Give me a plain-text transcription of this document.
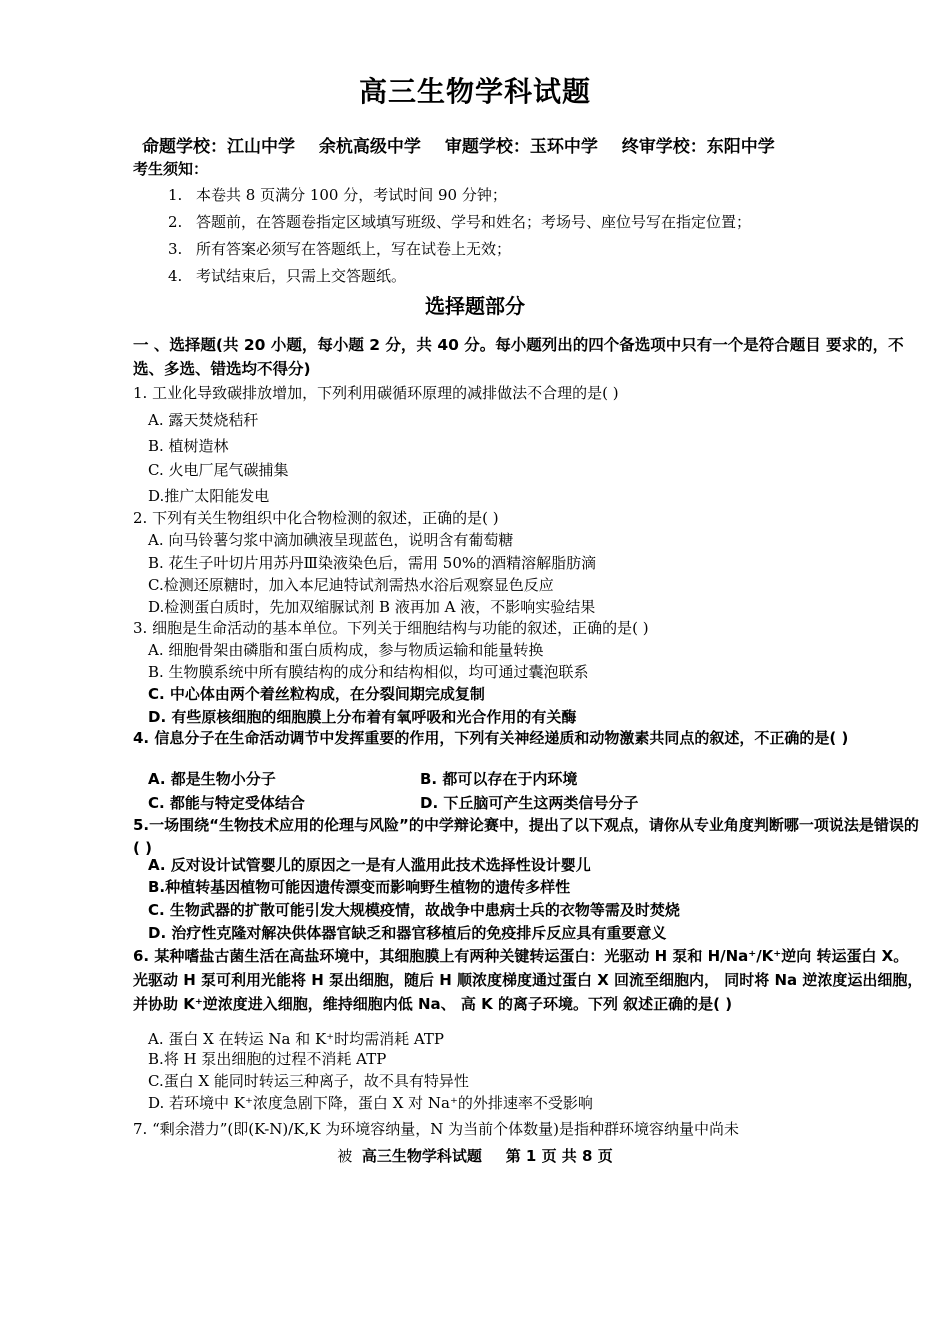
高三生物学科试题
命题学校：江山中学 余杭高级中学 审题学校：玉环中学 终审学校：东阳中学
考生须知：
1. 本卷共 8 页满分 100 分，考试时间 90 分钟；
2. 答题前，在答题卷指定区域填写班级、学号和姓名；考场号、座位号写在指定位置；
3. 所有答案必须写在答题纸上，写在试卷上无效；
4. 考试结束后，只需上交答题纸。
选择题部分
一 、选择题(共 20 小题，每小题 2 分，共 40 分。每小题列出的四个备选项中只有一个是符合题目 要求的，不选、多选、错选均不得分)
1. 工业化导致碳排放增加，下列利用碳循环原理的减排做法不合理的是( )
A. 露天焚烧秸秆
B. 植树造林
C. 火电厂尾气碳捕集
D.推广太阳能发电
2. 下列有关生物组织中化合物检测的叙述，正确的是( )
A. 向马铃薯匀浆中滴加碘液呈现蓝色，说明含有葡萄糖
B. 花生子叶切片用苏丹Ⅲ染液染色后，需用 50%的酒精溶解脂肪滴
C.检测还原糖时，加入本尼迪特试剂需热水浴后观察显色反应
D.检测蛋白质时，先加双缩脲试剂 B 液再加 A 液，不影响实验结果
3. 细胞是生命活动的基本单位。下列关于细胞结构与功能的叙述，正确的是( )
A. 细胞骨架由磷脂和蛋白质构成，参与物质运输和能量转换
B. 生物膜系统中所有膜结构的成分和结构相似，均可通过囊泡联系
C. 中心体由两个着丝粒构成，在分裂间期完成复制
D. 有些原核细胞的细胞膜上分布着有氧呼吸和光合作用的有关酶
4. 信息分子在生命活动调节中发挥重要的作用，下列有关神经递质和动物激素共同点的叙述，不正确的是( )
A. 都是生物小分子	B. 都可以存在于内环境
C. 都能与特定受体结合	D. 下丘脑可产生这两类信号分子
5.一场围绕“生物技术应用的伦理与风险”的中学辩论赛中，提出了以下观点，请你从专业角度判断哪一项说法是错误的( )
A. 反对设计试管婴儿的原因之一是有人滥用此技术选择性设计婴儿
B.种植转基因植物可能因遗传漂变而影响野生植物的遗传多样性
C. 生物武器的扩散可能引发大规模疫情，故战争中患病士兵的衣物等需及时焚烧
D. 治疗性克隆对解决供体器官缺乏和器官移植后的免疫排斥反应具有重要意义
6. 某种嗜盐古菌生活在高盐环境中，其细胞膜上有两种关键转运蛋白：光驱动 H 泵和 H/Na⁺/K⁺逆向 转运蛋白 X。光驱动 H 泵可利用光能将 H 泵出细胞，随后 H 顺浓度梯度通过蛋白 X 回流至细胞内， 同时将 Na 逆浓度运出细胞，并协助 K⁺逆浓度进入细胞，维持细胞内低 Na、 高 K 的离子环境。下列 叙述正确的是( )
A. 蛋白 X 在转运 Na 和 K⁺时均需消耗 ATP
B.将 H 泵出细胞的过程不消耗 ATP
C.蛋白 X 能同时转运三种离子，故不具有特异性
D. 若环境中 K⁺浓度急剧下降，蛋白 X 对 Na⁺的外排速率不受影响
7. “剩余潜力”(即(K-N)/K,K 为环境容纳量，N 为当前个体数量)是指种群环境容纳量中尚未
被 高三生物学科试题 第 1 页 共 8 页
